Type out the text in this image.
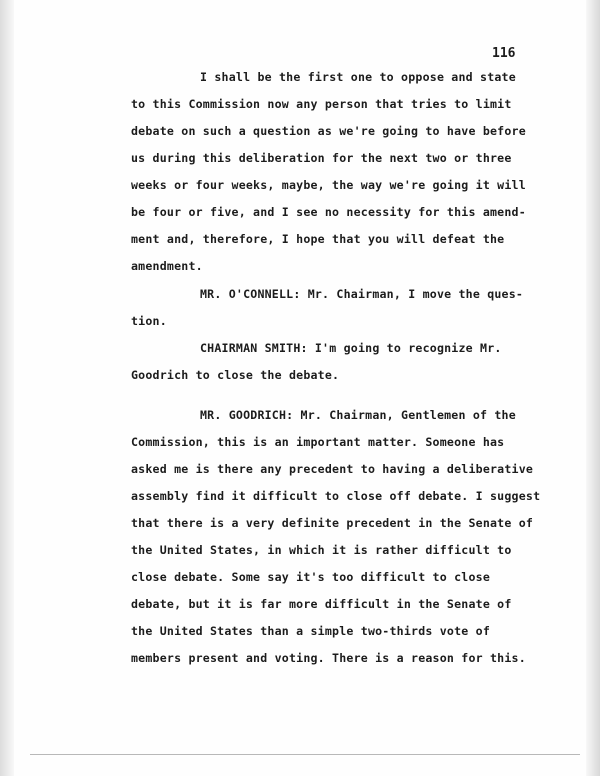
116
I shall be the first one to oppose and state
to this Commission now any person that tries to limit
debate on such a question as we're going to have before
us during this deliberation for the next two or three
weeks or four weeks, maybe, the way we're going it will
be four or five, and I see no necessity for this amend-
ment and, therefore, I hope that you will defeat the
amendment.
MR. O'CONNELL: Mr. Chairman, I move the ques-
tion.
CHAIRMAN SMITH: I'm going to recognize Mr.
Goodrich to close the debate.
MR. GOODRICH: Mr. Chairman, Gentlemen of the
Commission, this is an important matter. Someone has
asked me is there any precedent to having a deliberative
assembly find it difficult to close off debate. I suggest
that there is a very definite precedent in the Senate of
the United States, in which it is rather difficult to
close debate. Some say it's too difficult to close
debate, but it is far more difficult in the Senate of
the United States than a simple two-thirds vote of
members present and voting. There is a reason for this.
